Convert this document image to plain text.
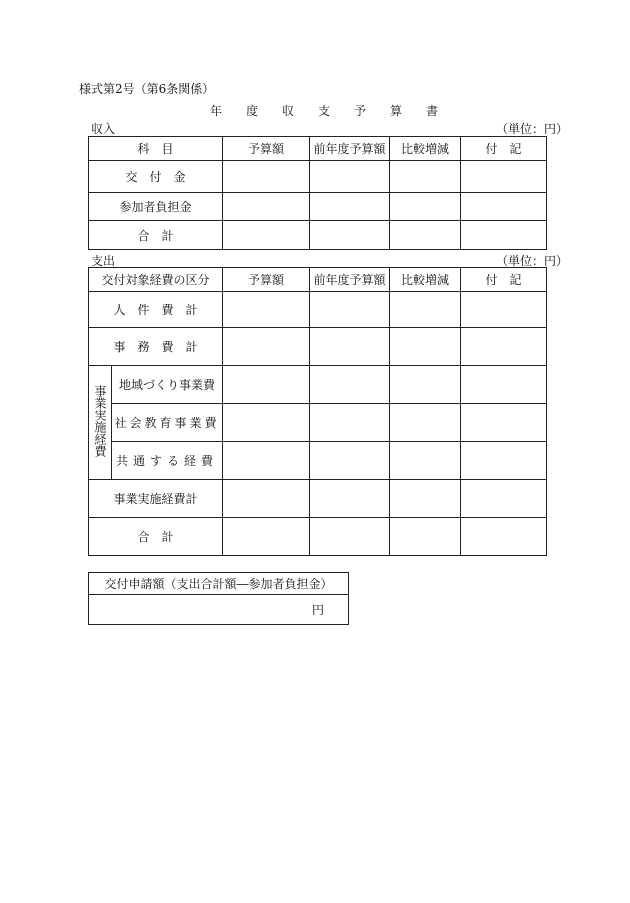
様式第2号（第6条関係）
年　度　収　支　予　算　書
収入	（単位：円）
科　目	予算額	前年度予算額	比較増減	付　記
交　付　金				
参加者負担金				
合　計				
支出	（単位：円）
交付対象経費の区分		予算額	前年度予算額	比較増減	付　記
人　件　費　計					
事　務　費　計					
事業実施経費	地域づくり事業費				
	社会教育事業費				
	共通する経費				
事業実施経費計					
合　計					
交付申請額（支出合計額―参加者負担金）
円
